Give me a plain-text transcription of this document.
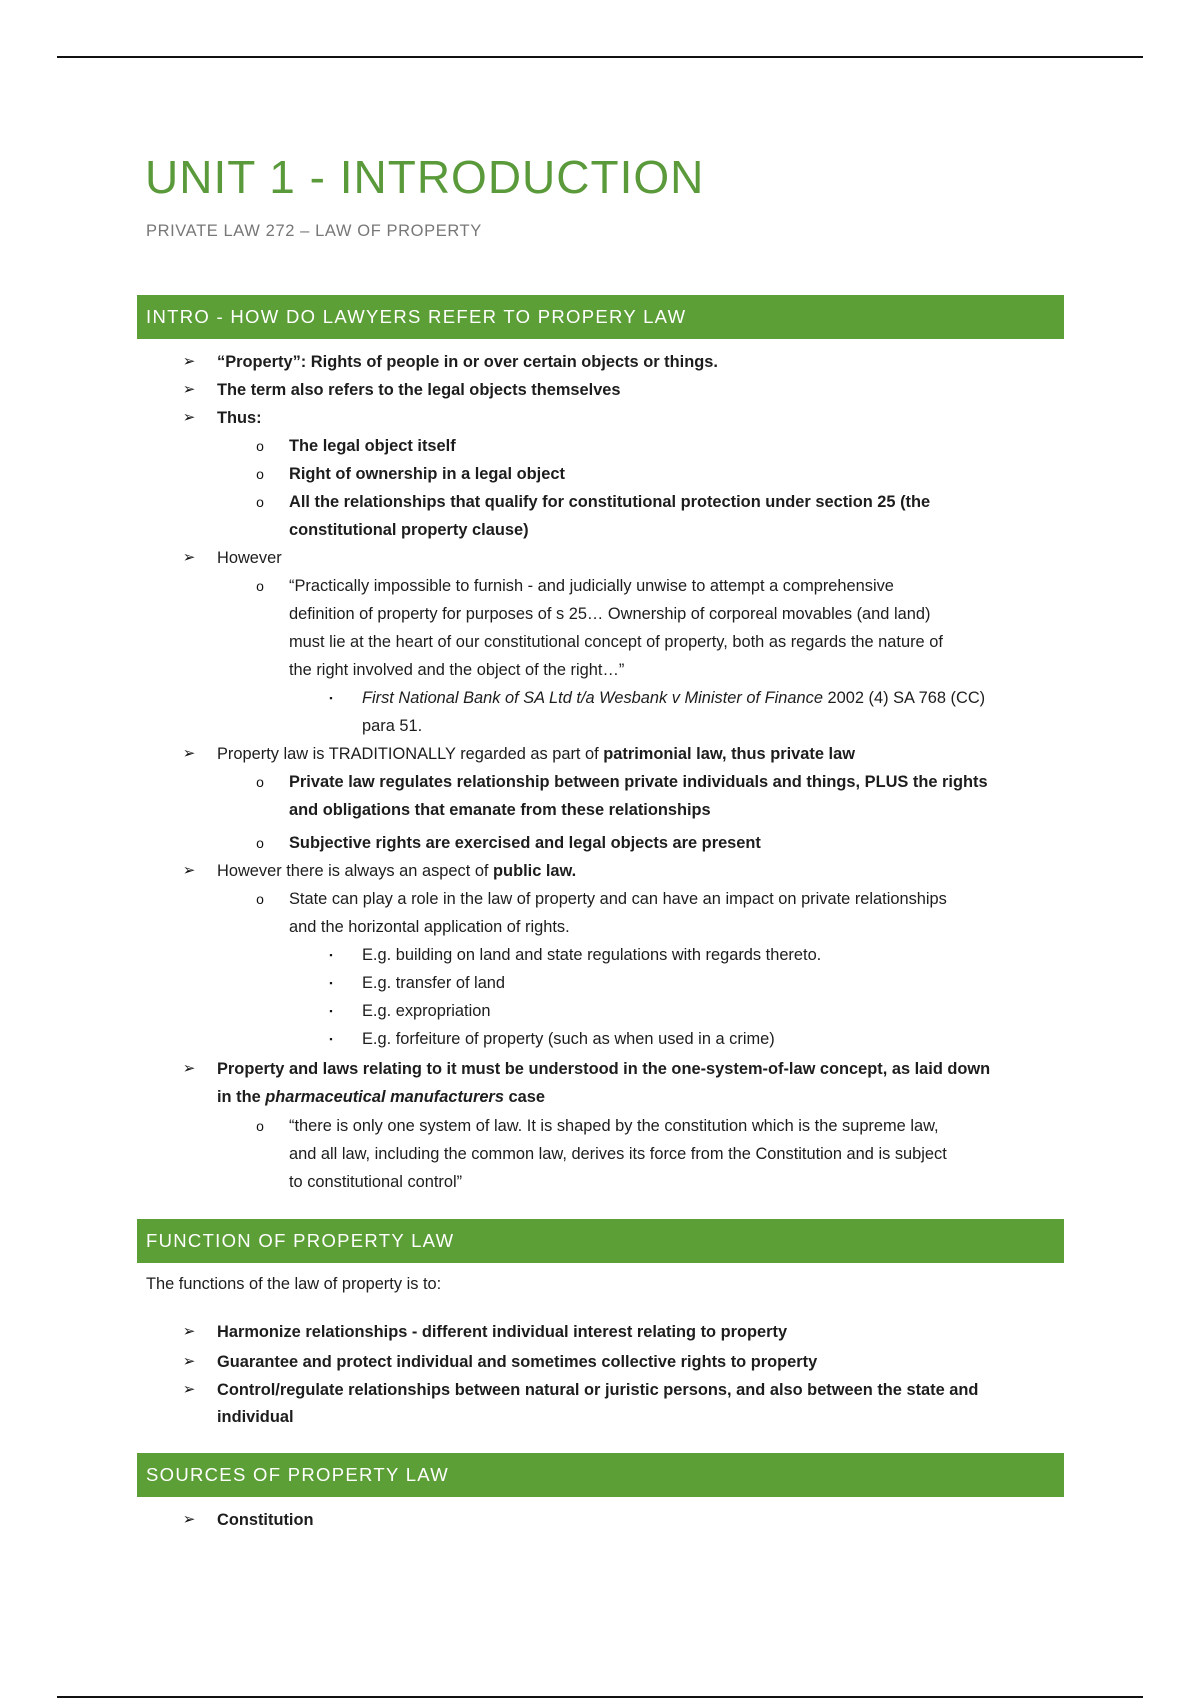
UNIT 1 - INTRODUCTION
PRIVATE LAW 272 – LAW OF PROPERTY
INTRO - HOW DO LAWYERS REFER TO PROPERY LAW
➢ “Property”: Rights of people in or over certain objects or things.
➢ The term also refers to the legal objects themselves
➢ Thus:
o	The legal object itself
o	Right of ownership in a legal object
o	All the relationships that qualify for constitutional protection under section 25 (the
constitutional property clause)
➢ However
o	“Practically impossible to furnish - and judicially unwise to attempt a comprehensive
definition of property for purposes of s 25… Ownership of corporeal movables (and land)
must lie at the heart of our constitutional concept of property, both as regards the nature of
the right involved and the object of the right…”
▪	First National Bank of SA Ltd t/a Wesbank v Minister of Finance 2002 (4) SA 768 (CC)
para 51.
➢ Property law is TRADITIONALLY regarded as part of patrimonial law, thus private law
o	Private law regulates relationship between private individuals and things, PLUS the rights
and obligations that emanate from these relationships
o	Subjective rights are exercised and legal objects are present
➢ However there is always an aspect of public law.
o	State can play a role in the law of property and can have an impact on private relationships
and the horizontal application of rights.
▪	E.g. building on land and state regulations with regards thereto.
▪	E.g. transfer of land
▪	E.g. expropriation
▪	E.g. forfeiture of property (such as when used in a crime)
➢ Property and laws relating to it must be understood in the one-system-of-law concept, as laid down
in the pharmaceutical manufacturers case
o	“there is only one system of law. It is shaped by the constitution which is the supreme law,
and all law, including the common law, derives its force from the Constitution and is subject
to constitutional control”
FUNCTION OF PROPERTY LAW
The functions of the law of property is to:
➢ Harmonize relationships - different individual interest relating to property
➢ Guarantee and protect individual and sometimes collective rights to property
➢ Control/regulate relationships between natural or juristic persons, and also between the state and
individual
SOURCES OF PROPERTY LAW
➢ Constitution
